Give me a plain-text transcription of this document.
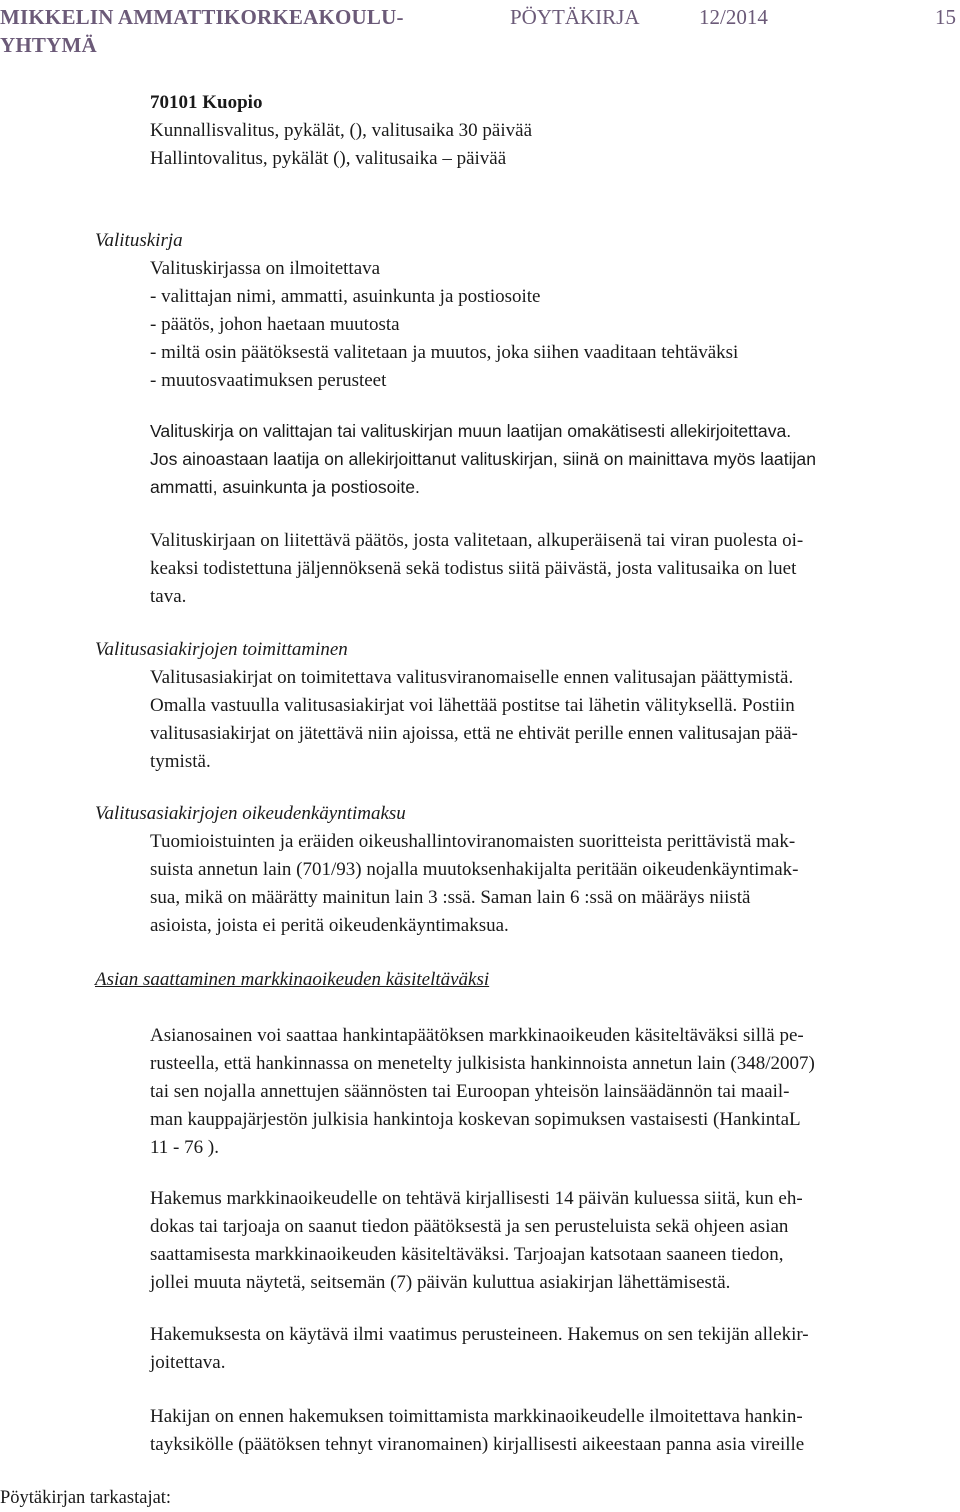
MIKKELIN AMMATTIKORKEAKOULU-
YHTYMÄ
PÖYTÄKIRJA	12/2014	15
70101 Kuopio
Kunnallisvalitus, pykälät, (), valitusaika 30 päivää
Hallintovalitus, pykälät (), valitusaika – päivää
Valituskirja
Valituskirjassa on ilmoitettava
- valittajan nimi, ammatti, asuinkunta ja postiosoite
- päätös, johon haetaan muutosta
- miltä osin päätöksestä valitetaan ja muutos, joka siihen vaaditaan tehtäväksi
- muutosvaatimuksen perusteet
Valituskirja on valittajan tai valituskirjan muun laatijan omakätisesti allekirjoitettava.
Jos ainoastaan laatija on allekirjoittanut valituskirjan, siinä on mainittava myös laatijan
ammatti, asuinkunta ja postiosoite.
Valituskirjaan on liitettävä päätös, josta valitetaan, alkuperäisenä tai viran puolesta oi-
keaksi todistettuna jäljennöksenä sekä todistus siitä päivästä, josta valitusaika on luet
tava.
Valitusasiakirjojen toimittaminen
Valitusasiakirjat on toimitettava valitusviranomaiselle ennen valitusajan päättymistä.
Omalla vastuulla valitusasiakirjat voi lähettää postitse tai lähetin välityksellä. Postiin
valitusasiakirjat on jätettävä niin ajoissa, että ne ehtivät perille ennen valitusajan pää-
tymistä.
Valitusasiakirjojen oikeudenkäyntimaksu
Tuomioistuinten ja eräiden oikeushallintoviranomaisten suoritteista perittävistä mak-
suista annetun lain (701/93) nojalla muutoksenhakijalta peritään oikeudenkäyntimak-
sua, mikä on määrätty mainitun lain 3 :ssä. Saman lain 6 :ssä on määräys niistä
asioista, joista ei peritä oikeudenkäyntimaksua.
Asian saattaminen markkinaoikeuden käsiteltäväksi
Asianosainen voi saattaa hankintapäätöksen markkinaoikeuden käsiteltäväksi sillä pe-
rusteella, että hankinnassa on menetelty julkisista hankinnoista annetun lain (348/2007)
tai sen nojalla annettujen säännösten tai Euroopan yhteisön lainsäädännön tai maail-
man kauppajärjestön julkisia hankintoja koskevan sopimuksen vastaisesti (HankintaL
11 - 76 ).
Hakemus markkinaoikeudelle on tehtävä kirjallisesti 14 päivän kuluessa siitä, kun eh-
dokas tai tarjoaja on saanut tiedon päätöksestä ja sen perusteluista sekä ohjeen asian
saattamisesta markkinaoikeuden käsiteltäväksi. Tarjoajan katsotaan saaneen tiedon,
jollei muuta näytetä, seitsemän (7) päivän kuluttua asiakirjan lähettämisestä.
Hakemuksesta on käytävä ilmi vaatimus perusteineen. Hakemus on sen tekijän allekir-
joitettava.
Hakijan on ennen hakemuksen toimittamista markkinaoikeudelle ilmoitettava hankin-
tayksikölle (päätöksen tehnyt viranomainen) kirjallisesti aikeestaan panna asia vireille
Pöytäkirjan tarkastajat:
